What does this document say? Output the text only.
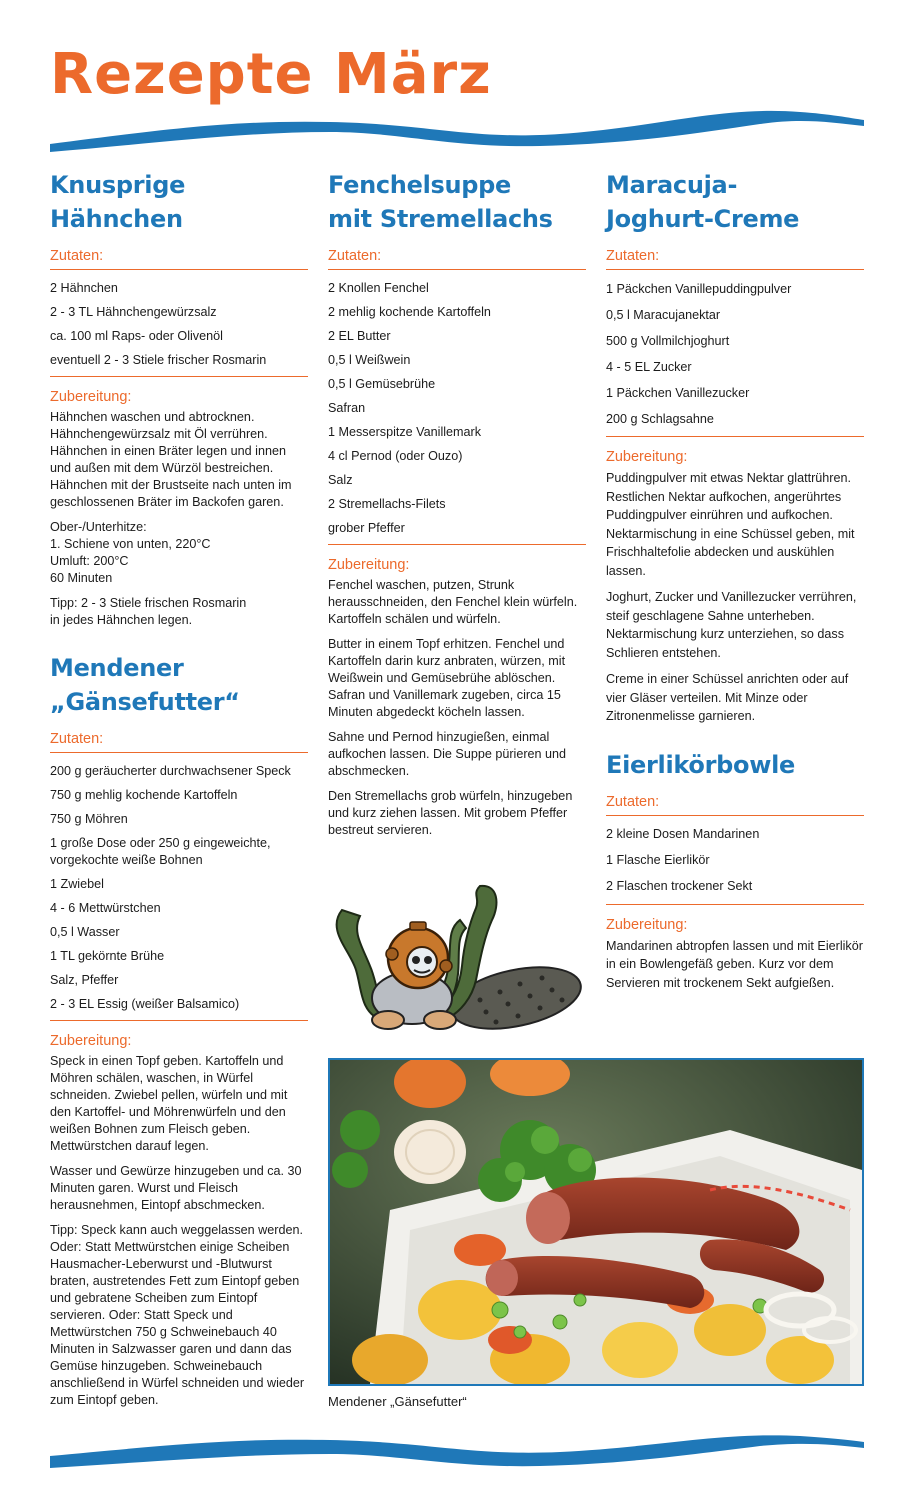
Rezepte März
Knusprige Hähnchen
Zutaten:
2 Hähnchen
2 - 3 TL Hähnchengewürzsalz
ca. 100 ml Raps- oder Olivenöl
eventuell 2 - 3 Stiele frischer Rosmarin
Zubereitung:

Hähnchen waschen und abtrocknen. Hähnchengewürzsalz mit Öl verrühren. Hähnchen in einen Bräter legen und innen und außen mit dem Würzöl bestreichen. Hähnchen mit der Brustseite nach unten im geschlossenen Bräter im Backofen garen.

Ober-/Unterhitze:
1. Schiene von unten, 220°C
Umluft: 200°C
60 Minuten

Tipp: 2 - 3 Stiele frischen Rosmarin
in jedes Hähnchen legen.

Mendener
„Gänsefutter“
Zutaten:
200 g geräucherter durchwachsener Speck
750 g mehlig kochende Kartoffeln
750 g Möhren
1 große Dose oder 250 g eingeweichte, vorgekochte weiße Bohnen
1 Zwiebel
4 - 6 Mettwürstchen
0,5 l Wasser
1 TL gekörnte Brühe
Salz, Pfeffer
2 - 3 EL Essig (weißer Balsamico)
Zubereitung:

Speck in einen Topf geben. Kartoffeln und Möhren schälen, waschen, in Würfel schneiden. Zwiebel pellen, würfeln und mit den Kartoffel- und Möhrenwürfeln und den weißen Bohnen zum Fleisch geben. Mettwürstchen darauf legen.

Wasser und Gewürze hinzugeben und ca. 30 Minuten garen. Wurst und Fleisch herausnehmen, Eintopf abschmecken.

Tipp: Speck kann auch weggelassen werden. Oder: Statt Mettwürstchen einige Scheiben Hausmacher-Leberwurst und -Blutwurst braten, austretendes Fett zum Eintopf geben und gebratene Scheiben zum Eintopf servieren. Oder: Statt Speck und Mettwürstchen 750 g Schweinebauch 40 Minuten in Salzwasser garen und dann das Gemüse hinzugeben. Schweinebauch anschließend in Würfel schneiden und wieder zum Eintopf geben.

Fenchelsuppe
mit Stremellachs
Zutaten:
2 Knollen Fenchel
2 mehlig kochende Kartoffeln
2 EL Butter
0,5 l Weißwein
0,5 l Gemüsebrühe
Safran
1 Messerspitze Vanillemark
4 cl Pernod (oder Ouzo)
Salz
2 Stremellachs-Filets
grober Pfeffer
Zubereitung:

Fenchel waschen, putzen, Strunk herausschneiden, den Fenchel klein würfeln. Kartoffeln schälen und würfeln.

Butter in einem Topf erhitzen. Fenchel und Kartoffeln darin kurz anbraten, würzen, mit Weißwein und Gemüsebrühe ablöschen. Safran und Vanillemark zugeben, circa 15 Minuten abgedeckt köcheln lassen.

Sahne und Pernod hinzugießen, einmal aufkochen lassen. Die Suppe pürieren und abschmecken.

Den Stremellachs grob würfeln, hinzugeben und kurz ziehen lassen. Mit grobem Pfeffer bestreut servieren.

Maracuja-
Joghurt-Creme
Zutaten:
1 Päckchen Vanillepuddingpulver
0,5 l Maracujanektar
500 g Vollmilchjoghurt
4 - 5 EL Zucker
1 Päckchen Vanillezucker
200 g Schlagsahne
Zubereitung:

Puddingpulver mit etwas Nektar glattrühren. Restlichen Nektar aufkochen, angerührtes Puddingpulver einrühren und aufkochen. Nektarmischung in eine Schüssel geben, mit Frischhaltefolie abdecken und auskühlen lassen.

Joghurt, Zucker und Vanillezucker verrühren, steif geschlagene Sahne unterheben. Nektarmischung kurz unterziehen, so dass Schlieren entstehen.

Creme in einer Schüssel anrichten oder auf vier Gläser verteilen. Mit Minze oder Zitronenmelisse garnieren.

Eierlikörbowle
Zutaten:
2 kleine Dosen Mandarinen
1 Flasche Eierlikör
2 Flaschen trockener Sekt
Zubereitung:

Mandarinen abtropfen lassen und mit Eierlikör in ein Bowlengefäß geben. Kurz vor dem Servieren mit trockenem Sekt aufgießen.

Mendener „Gänsefutter“
